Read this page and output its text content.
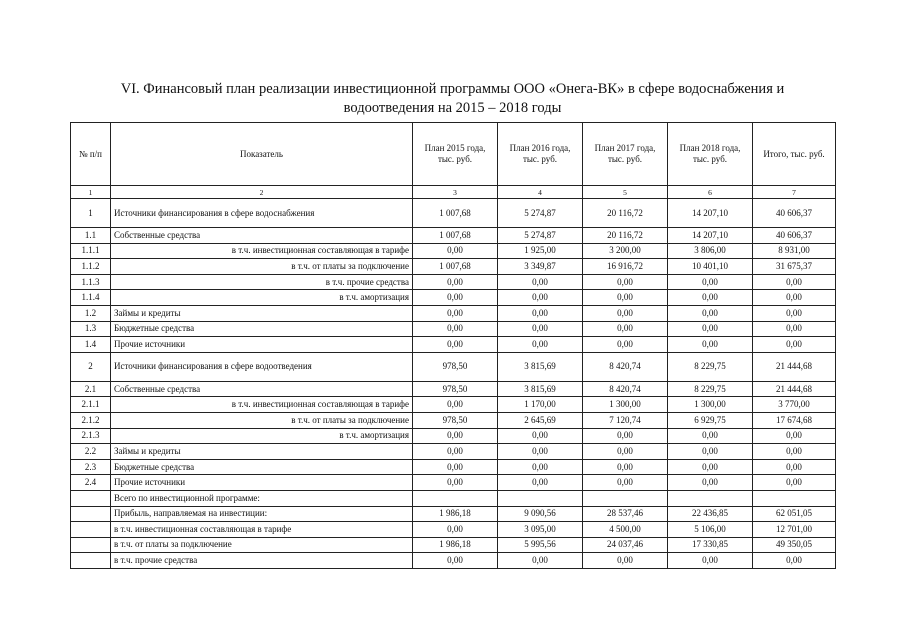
VI. Финансовый план реализации инвестиционной программы ООО «Онега-ВК» в сфере водоснабжения и
водоотведения на 2015 – 2018 годы
№ п/п	Показатель	План 2015 года, тыс. руб.	План 2016 года, тыс. руб.	План 2017 года, тыс. руб.	План 2018 года, тыс. руб.	Итого, тыс. руб.
1	2	3	4	5	6	7
1	Источники финансирования в сфере водоснабжения	1 007,68	5 274,87	20 116,72	14 207,10	40 606,37
1.1	Собственные средства	1 007,68	5 274,87	20 116,72	14 207,10	40 606,37
1.1.1	в т.ч. инвестиционная составляющая в тарифе	0,00	1 925,00	3 200,00	3 806,00	8 931,00
1.1.2	в т.ч. от платы за подключение	1 007,68	3 349,87	16 916,72	10 401,10	31 675,37
1.1.3	в т.ч. прочие средства	0,00	0,00	0,00	0,00	0,00
1.1.4	в т.ч. амортизация	0,00	0,00	0,00	0,00	0,00
1.2	Займы и кредиты	0,00	0,00	0,00	0,00	0,00
1.3	Бюджетные средства	0,00	0,00	0,00	0,00	0,00
1.4	Прочие источники	0,00	0,00	0,00	0,00	0,00
2	Источники финансирования в сфере водоотведения	978,50	3 815,69	8 420,74	8 229,75	21 444,68
2.1	Собственные средства	978,50	3 815,69	8 420,74	8 229,75	21 444,68
2.1.1	в т.ч. инвестиционная составляющая в тарифе	0,00	1 170,00	1 300,00	1 300,00	3 770,00
2.1.2	в т.ч. от платы за подключение	978,50	2 645,69	7 120,74	6 929,75	17 674,68
2.1.3	в т.ч. амортизация	0,00	0,00	0,00	0,00	0,00
2.2	Займы и кредиты	0,00	0,00	0,00	0,00	0,00
2.3	Бюджетные средства	0,00	0,00	0,00	0,00	0,00
2.4	Прочие источники	0,00	0,00	0,00	0,00	0,00
	Всего по инвестиционной программе:					
	Прибыль, направляемая на инвестиции:	1 986,18	9 090,56	28 537,46	22 436,85	62 051,05
	в т.ч. инвестиционная составляющая в тарифе	0,00	3 095,00	4 500,00	5 106,00	12 701,00
	в т.ч. от платы за подключение	1 986,18	5 995,56	24 037,46	17 330,85	49 350,05
	в т.ч. прочие средства	0,00	0,00	0,00	0,00	0,00
